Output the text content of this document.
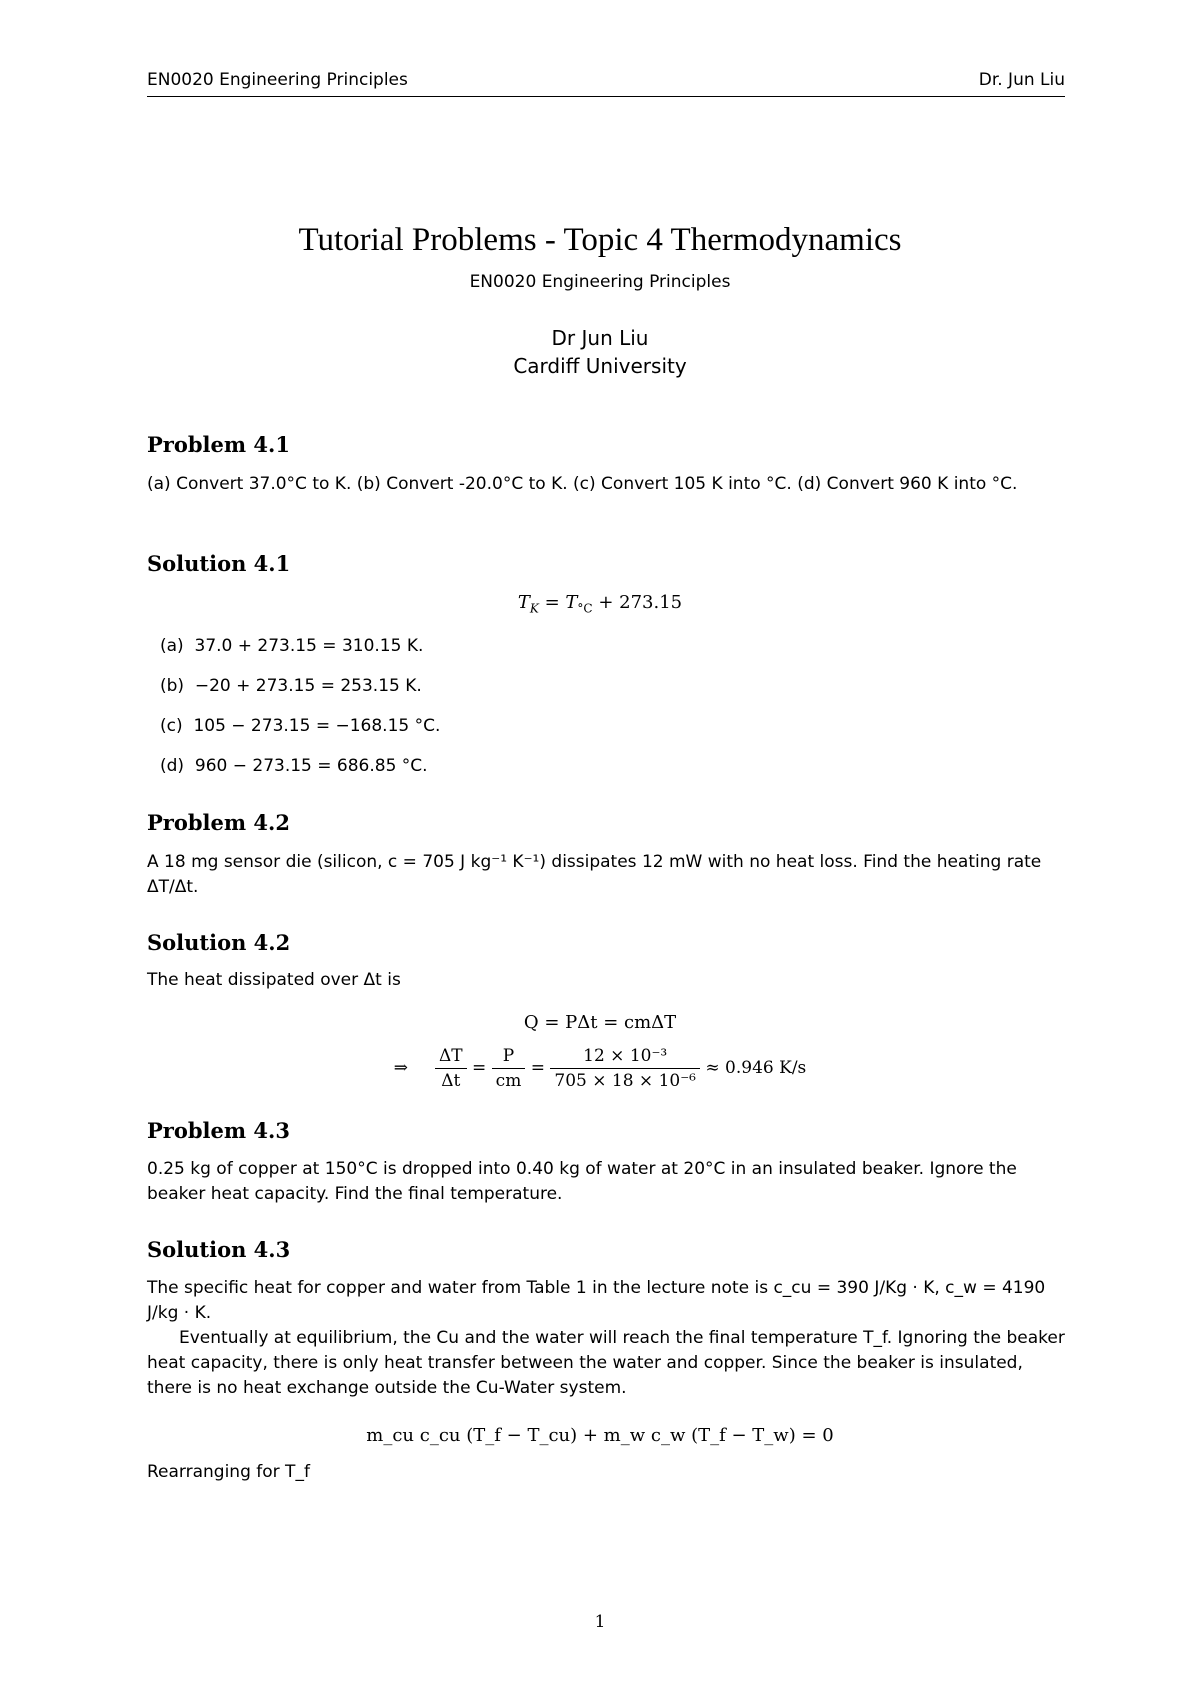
EN0020 Engineering Principles	Dr. Jun Liu
Tutorial Problems - Topic 4 Thermodynamics
EN0020 Engineering Principles
Dr Jun Liu
Cardiff University
Problem 4.1
(a) Convert 37.0°C to K. (b) Convert -20.0°C to K. (c) Convert 105 K into °C. (d) Convert 960 K into °C.
Solution 4.1
$T_K = T_{^\circ C} + 273.15$
(a) 37.0 + 273.15 = 310.15 K.
(b) −20 + 273.15 = 253.15 K.
(c) 105 − 273.15 = −168.15 °C.
(d) 960 − 273.15 = 686.85 °C.
Problem 4.2
A 18 mg sensor die (silicon, c = 705 J kg⁻¹ K⁻¹) dissipates 12 mW with no heat loss. Find the heating rate ΔT/Δt.
Solution 4.2
The heat dissipated over Δt is
Q = PΔt = cmΔT
⇒ $\frac{\Delta T}{\Delta t} = \frac{P}{cm} = \frac{\text{12 × 10⁻³}}{\text{705 × 18 × 10⁻⁶}} \approx 0.946$ K/s
Problem 4.3
0.25 kg of copper at 150°C is dropped into 0.40 kg of water at 20°C in an insulated beaker. Ignore the beaker heat capacity. Find the final temperature.
Solution 4.3
The specific heat for copper and water from Table 1 in the lecture note is c_cu = 390 J/Kg · K, c_w = 4190 J/kg · K.
Eventually at equilibrium, the Cu and the water will reach the final temperature T_f. Ignoring the beaker heat capacity, there is only heat transfer between the water and copper. Since the beaker is insulated, there is no heat exchange outside the Cu-Water system.
m_cu c_cu (T_f − T_cu) + m_w c_w (T_f − T_w) = 0
Rearranging for T_f
1
